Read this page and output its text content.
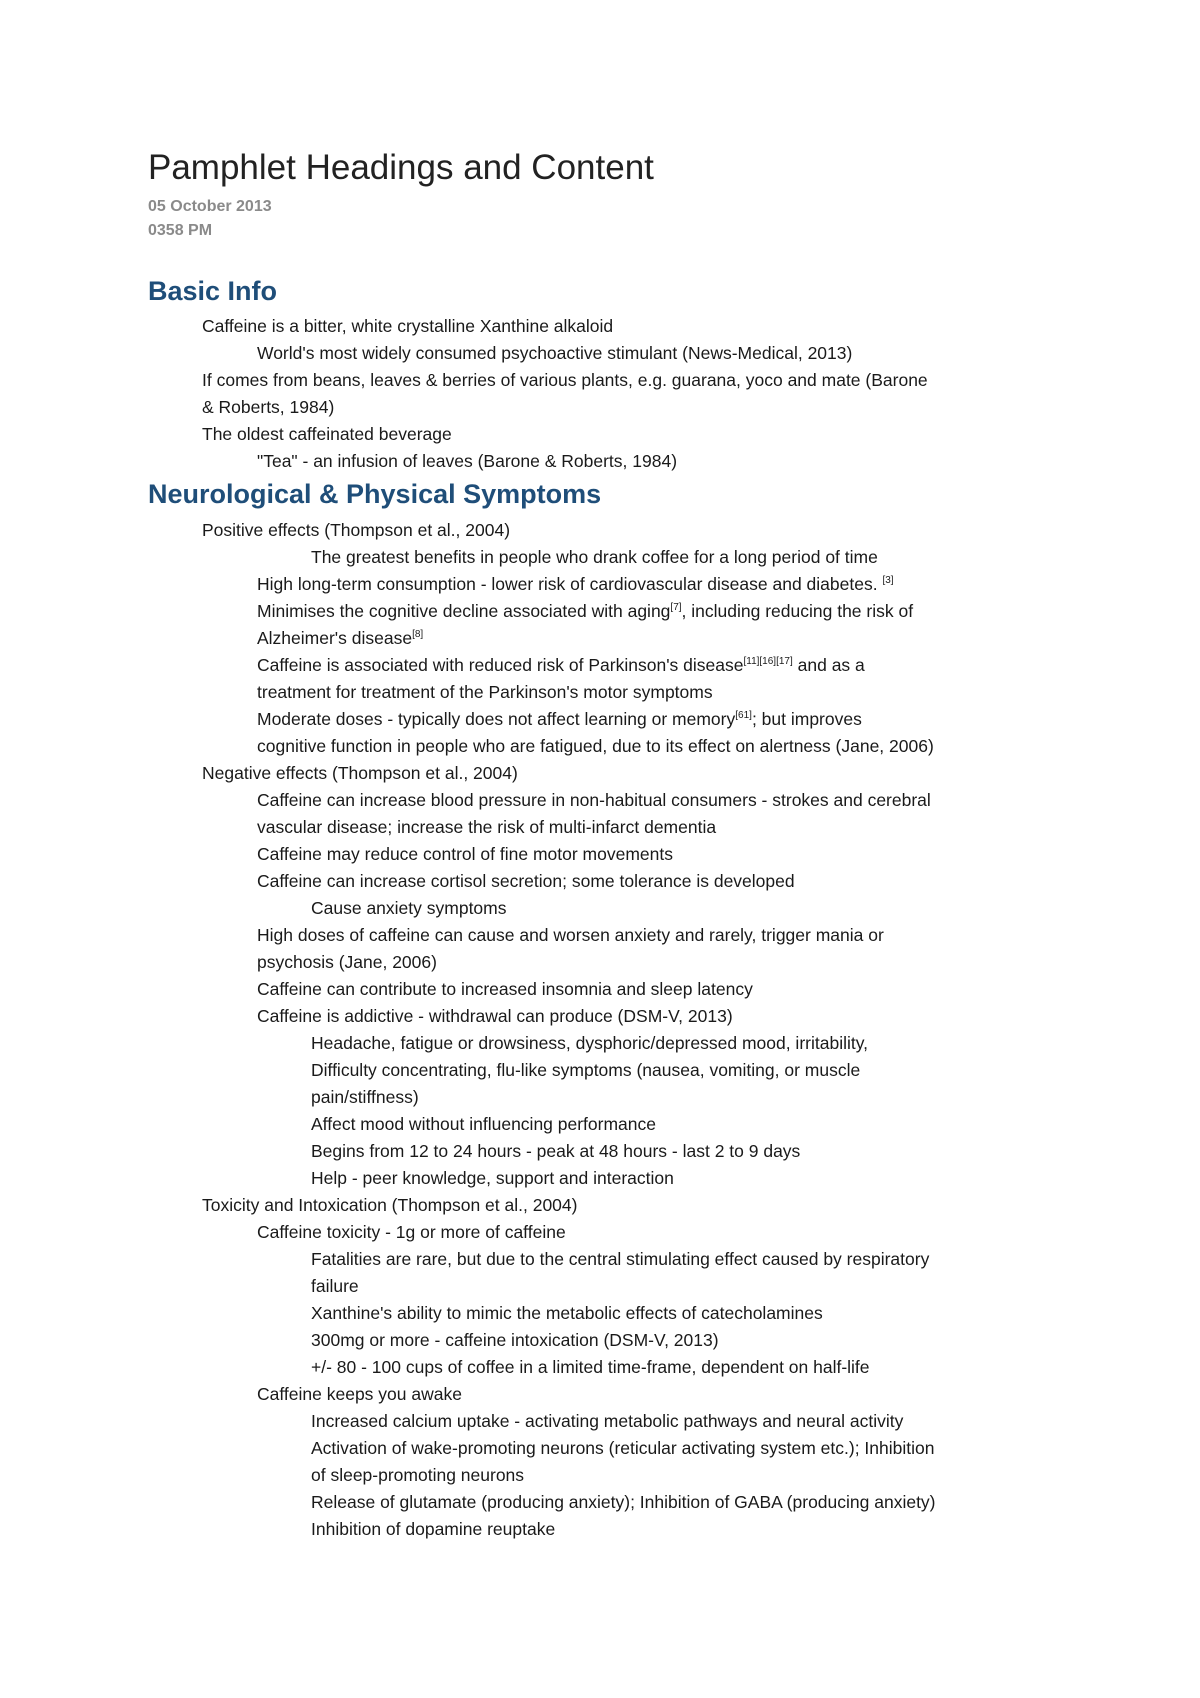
Pamphlet Headings and Content
05 October 2013
0358 PM
Basic Info
Caffeine is a bitter, white crystalline Xanthine alkaloid
World's most widely consumed psychoactive stimulant (News-Medical, 2013)
If comes from beans, leaves & berries of various plants, e.g. guarana, yoco and mate (Barone
& Roberts, 1984)
The oldest caffeinated beverage
"Tea" - an infusion of leaves (Barone & Roberts, 1984)
Neurological & Physical Symptoms
Positive effects (Thompson et al., 2004)
The greatest benefits in people who drank coffee for a long period of time
High long-term consumption - lower risk of cardiovascular disease and diabetes. [3]
Minimises the cognitive decline associated with aging[7], including reducing the risk of
Alzheimer's disease[8]
Caffeine is associated with reduced risk of Parkinson's disease[11][16][17] and as a
treatment for treatment of the Parkinson's motor symptoms
Moderate doses - typically does not affect learning or memory[61]; but improves
cognitive function in people who are fatigued, due to its effect on alertness (Jane, 2006)
Negative effects (Thompson et al., 2004)
Caffeine can increase blood pressure in non-habitual consumers - strokes and cerebral
vascular disease; increase the risk of multi-infarct dementia
Caffeine may reduce control of fine motor movements
Caffeine can increase cortisol secretion; some tolerance is developed
Cause anxiety symptoms
High doses of caffeine can cause and worsen anxiety and rarely, trigger mania or
psychosis (Jane, 2006)
Caffeine can contribute to increased insomnia and sleep latency
Caffeine is addictive - withdrawal can produce (DSM-V, 2013)
Headache, fatigue or drowsiness, dysphoric/depressed mood, irritability,
Difficulty concentrating, flu-like symptoms (nausea, vomiting, or muscle
pain/stiffness)
Affect mood without influencing performance
Begins from 12 to 24 hours - peak at 48 hours - last 2 to 9 days
Help - peer knowledge, support and interaction
Toxicity and Intoxication (Thompson et al., 2004)
Caffeine toxicity - 1g or more of caffeine
Fatalities are rare, but due to the central stimulating effect caused by respiratory
failure
Xanthine's ability to mimic the metabolic effects of catecholamines
300mg or more - caffeine intoxication (DSM-V, 2013)
+/- 80 - 100 cups of coffee in a limited time-frame, dependent on half-life
Caffeine keeps you awake
Increased calcium uptake - activating metabolic pathways and neural activity
Activation of wake-promoting neurons (reticular activating system etc.); Inhibition
of sleep-promoting neurons
Release of glutamate (producing anxiety); Inhibition of GABA (producing anxiety)
Inhibition of dopamine reuptake
